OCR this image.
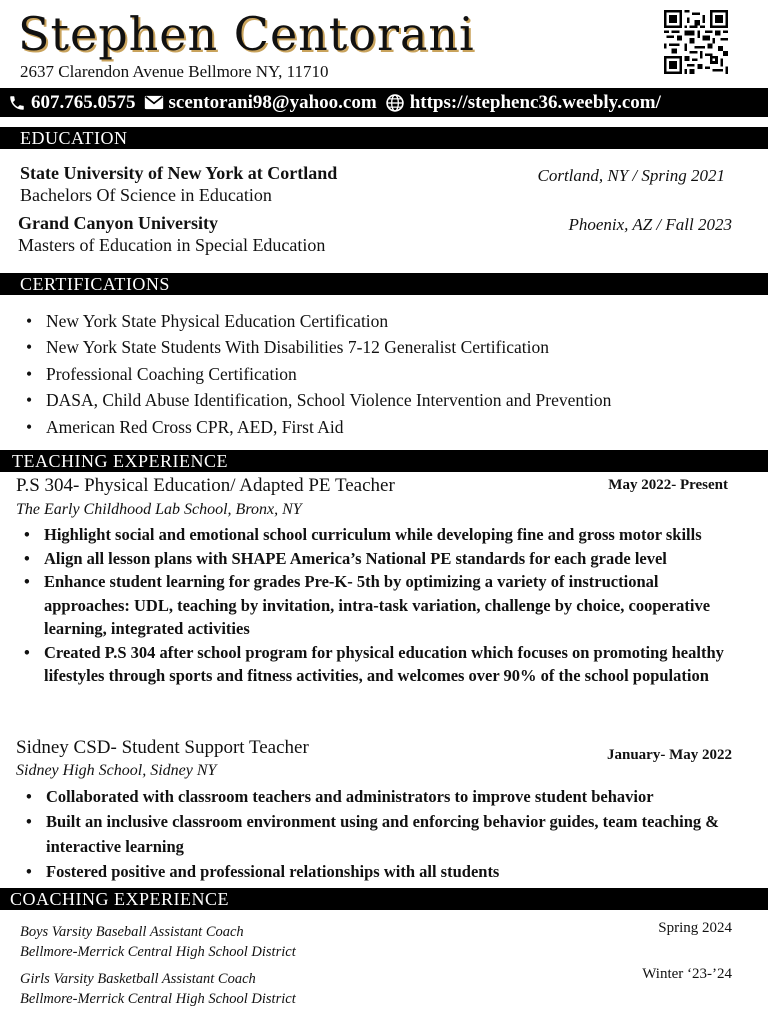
Stephen Centorani
2637 Clarendon Avenue Bellmore NY, 11710
607.765.0575 scentorani98@yahoo.com https://stephenc36.weebly.com/
EDUCATION
State University of New York at Cortland
Bachelors Of Science in Education
Cortland, NY / Spring 2021
Grand Canyon University
Masters of Education in Special Education
Phoenix, AZ / Fall 2023
CERTIFICATIONS
• New York State Physical Education Certification
• New York State Students With Disabilities 7-12 Generalist Certification
• Professional Coaching Certification
• DASA, Child Abuse Identification, School Violence Intervention and Prevention
• American Red Cross CPR, AED, First Aid
TEACHING EXPERIENCE
P.S 304- Physical Education/ Adapted PE Teacher	May 2022- Present
The Early Childhood Lab School, Bronx, NY
• Highlight social and emotional school curriculum while developing fine and gross motor skills
• Align all lesson plans with SHAPE America’s National PE standards for each grade level
• Enhance student learning for grades Pre-K- 5th by optimizing a variety of instructional approaches: UDL, teaching by invitation, intra-task variation, challenge by choice, cooperative learning, integrated activities
• Created P.S 304 after school program for physical education which focuses on promoting healthy lifestyles through sports and fitness activities, and welcomes over 90% of the school population
Sidney CSD- Student Support Teacher	January- May 2022
Sidney High School, Sidney NY
• Collaborated with classroom teachers and administrators to improve student behavior
• Built an inclusive classroom environment using and enforcing behavior guides, team teaching & interactive learning
• Fostered positive and professional relationships with all students
COACHING EXPERIENCE
Boys Varsity Baseball Assistant Coach
Bellmore-Merrick Central High School District
Spring 2024
Girls Varsity Basketball Assistant Coach
Bellmore-Merrick Central High School District
Winter ‘23-’24
